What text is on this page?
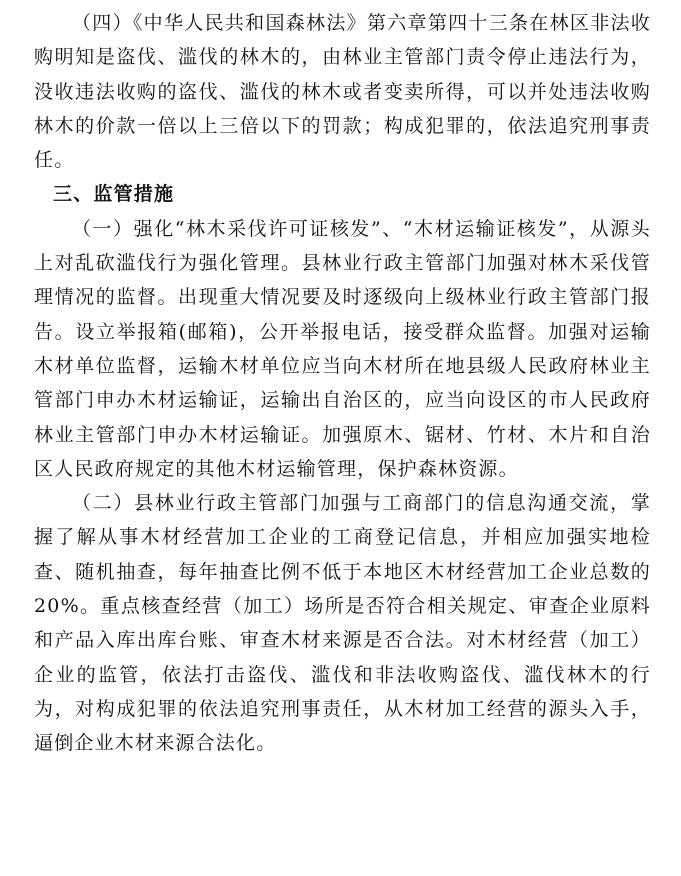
（四）《中华人民共和国森林法》第六章第四十三条在林区非法收购明知是盗伐、滥伐的林木的，由林业主管部门责令停止违法行为，没收违法收购的盗伐、滥伐的林木或者变卖所得，可以并处违法收购林木的价款一倍以上三倍以下的罚款；构成犯罪的，依法追究刑事责任。

三、监管措施

（一）强化“林木采伐许可证核发”、“木材运输证核发”，从源头上对乱砍滥伐行为强化管理。县林业行政主管部门加强对林木采伐管理情况的监督。出现重大情况要及时逐级向上级林业行政主管部门报告。设立举报箱(邮箱)，公开举报电话，接受群众监督。加强对运输木材单位监督，运输木材单位应当向木材所在地县级人民政府林业主管部门申办木材运输证，运输出自治区的，应当向设区的市人民政府林业主管部门申办木材运输证。加强原木、锯材、竹材、木片和自治区人民政府规定的其他木材运输管理，保护森林资源。

（二）县林业行政主管部门加强与工商部门的信息沟通交流，掌握了解从事木材经营加工企业的工商登记信息，并相应加强实地检查、随机抽查，每年抽查比例不低于本地区木材经营加工企业总数的20%。重点核查经营（加工）场所是否符合相关规定、审查企业原料和产品入库出库台账、审查木材来源是否合法。对木材经营（加工）企业的监管，依法打击盗伐、滥伐和非法收购盗伐、滥伐林木的行为，对构成犯罪的依法追究刑事责任，从木材加工经营的源头入手，逼倒企业木材来源合法化。
